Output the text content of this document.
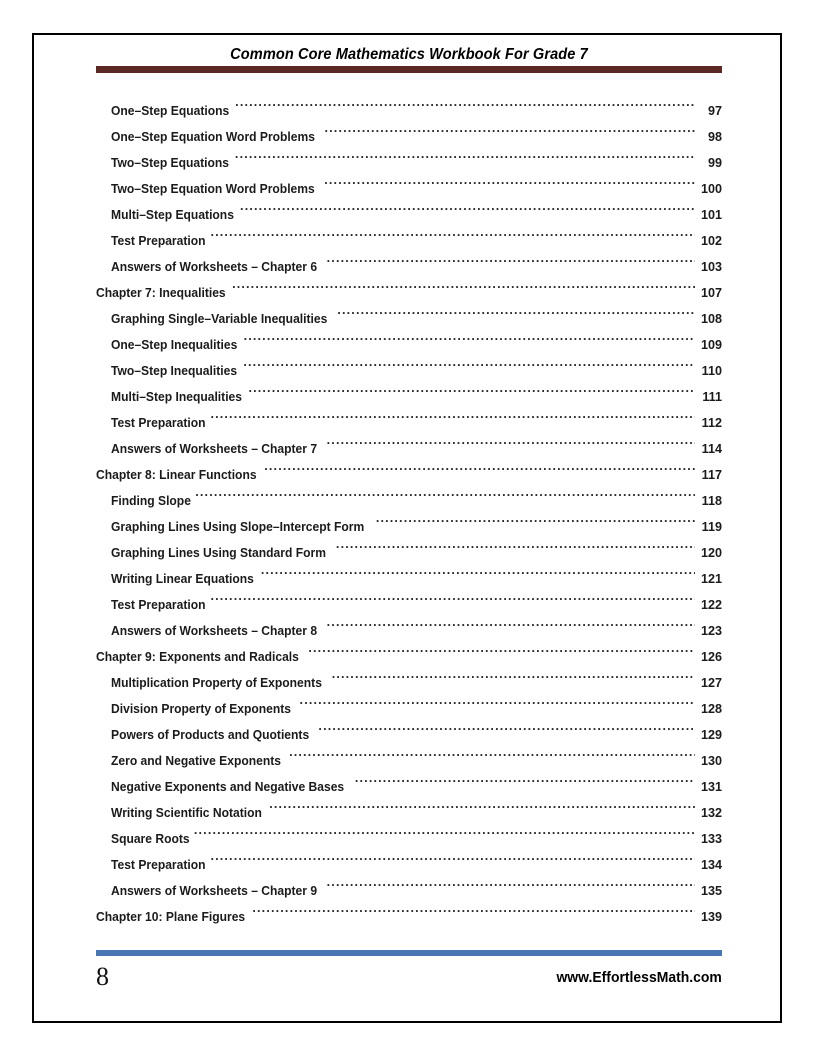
Common Core Mathematics Workbook For Grade 7
One–Step Equations .....	97
One–Step Equation Word Problems .....	98
Two–Step Equations .....	99
Two–Step Equation Word Problems .....	100
Multi–Step Equations .....	101
Test Preparation .....	102
Answers of Worksheets – Chapter 6 .....	103
Chapter 7: Inequalities .....	107
Graphing Single–Variable Inequalities .....	108
One–Step Inequalities .....	109
Two–Step Inequalities .....	110
Multi–Step Inequalities .....	111
Test Preparation .....	112
Answers of Worksheets – Chapter 7 .....	114
Chapter 8: Linear Functions .....	117
Finding Slope .....	118
Graphing Lines Using Slope–Intercept Form .....	119
Graphing Lines Using Standard Form .....	120
Writing Linear Equations .....	121
Test Preparation .....	122
Answers of Worksheets – Chapter 8 .....	123
Chapter 9: Exponents and Radicals .....	126
Multiplication Property of Exponents .....	127
Division Property of Exponents .....	128
Powers of Products and Quotients .....	129
Zero and Negative Exponents .....	130
Negative Exponents and Negative Bases .....	131
Writing Scientific Notation .....	132
Square Roots .....	133
Test Preparation .....	134
Answers of Worksheets – Chapter 9 .....	135
Chapter 10: Plane Figures .....	139
8	www.EffortlessMath.com
